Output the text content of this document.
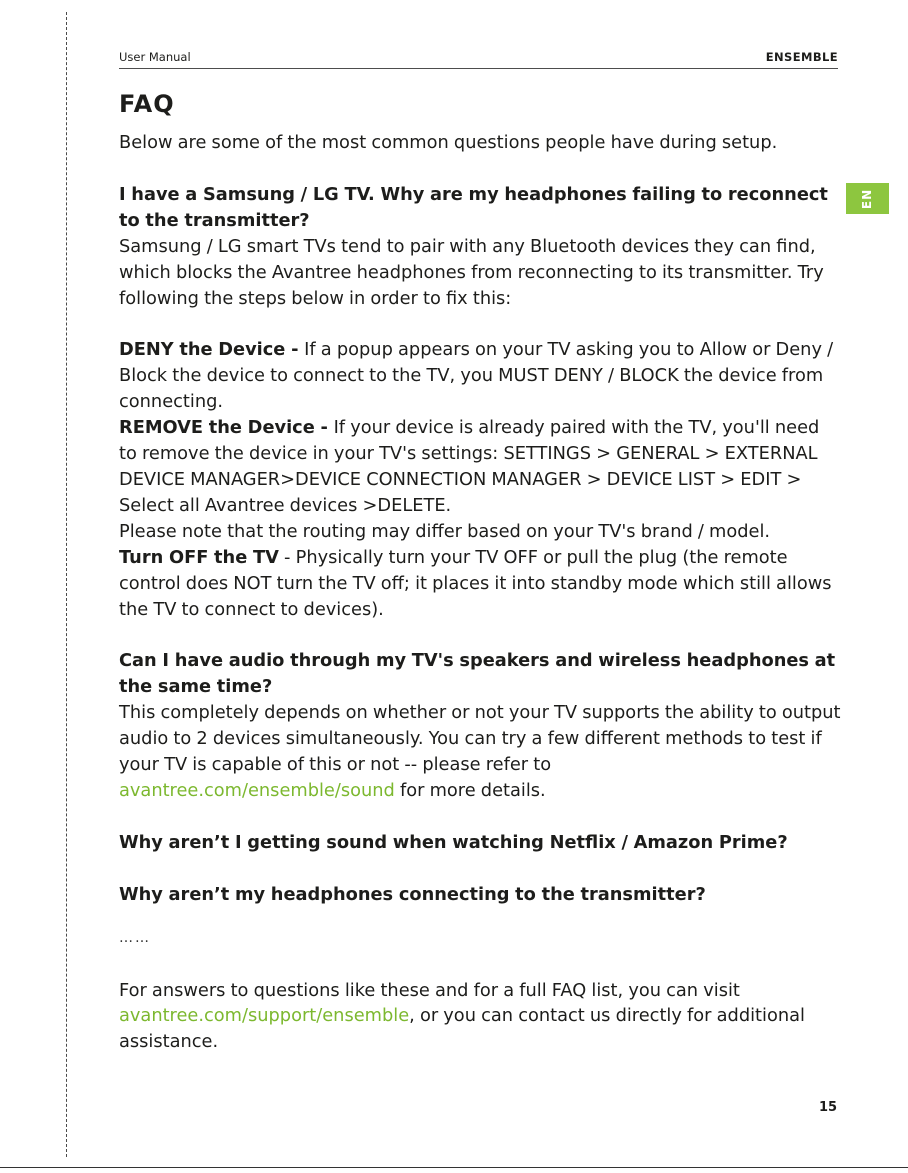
User Manual	ENSEMBLE
EN
FAQ

Below are some of the most common questions people have during setup.

I have a Samsung / LG TV. Why are my headphones failing to reconnect to the transmitter?

Samsung / LG smart TVs tend to pair with any Bluetooth devices they can find, which blocks the Avantree headphones from reconnecting to its transmitter. Try following the steps below in order to fix this:

DENY the Device - If a popup appears on your TV asking you to Allow or Deny / Block the device to connect to the TV, you MUST DENY / BLOCK the device from connecting.

REMOVE the Device - If your device is already paired with the TV, you'll need to remove the device in your TV's settings: SETTINGS > GENERAL > EXTERNAL DEVICE MANAGER>DEVICE CONNECTION MANAGER > DEVICE LIST > EDIT > Select all Avantree devices >DELETE.

Please note that the routing may differ based on your TV's brand / model.

Turn OFF the TV - Physically turn your TV OFF or pull the plug (the remote control does NOT turn the TV off; it places it into standby mode which still allows the TV to connect to devices).

Can I have audio through my TV's speakers and wireless headphones at the same time?

This completely depends on whether or not your TV supports the ability to output audio to 2 devices simultaneously. You can try a few different methods to test if your TV is capable of this or not -- please refer to
avantree.com/ensemble/sound for more details.

Why aren’t I getting sound when watching Netflix / Amazon Prime?

Why aren’t my headphones connecting to the transmitter?

……

For answers to questions like these and for a full FAQ list, you can visit
avantree.com/support/ensemble, or you can contact us directly for additional assistance.

15
